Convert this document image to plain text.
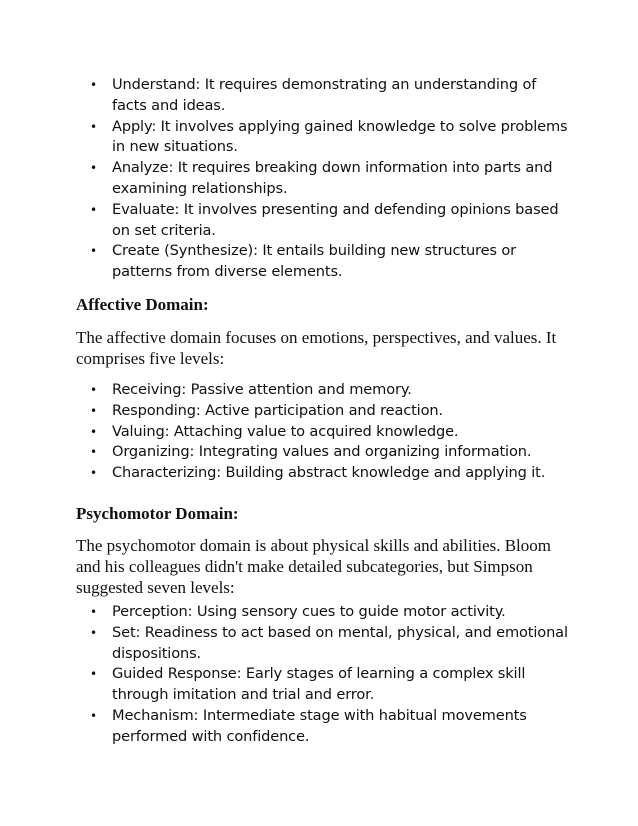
• Understand: It requires demonstrating an understanding of facts and ideas.
• Apply: It involves applying gained knowledge to solve problems in new situations.
• Analyze: It requires breaking down information into parts and examining relationships.
• Evaluate: It involves presenting and defending opinions based on set criteria.
• Create (Synthesize): It entails building new structures or patterns from diverse elements.
Affective Domain:

The affective domain focuses on emotions, perspectives, and values. It comprises five levels:

• Receiving: Passive attention and memory.
• Responding: Active participation and reaction.
• Valuing: Attaching value to acquired knowledge.
• Organizing: Integrating values and organizing information.
• Characterizing: Building abstract knowledge and applying it.
Psychomotor Domain:

The psychomotor domain is about physical skills and abilities. Bloom and his colleagues didn't make detailed subcategories, but Simpson suggested seven levels:

• Perception: Using sensory cues to guide motor activity.
• Set: Readiness to act based on mental, physical, and emotional dispositions.
• Guided Response: Early stages of learning a complex skill through imitation and trial and error.
• Mechanism: Intermediate stage with habitual movements performed with confidence.
